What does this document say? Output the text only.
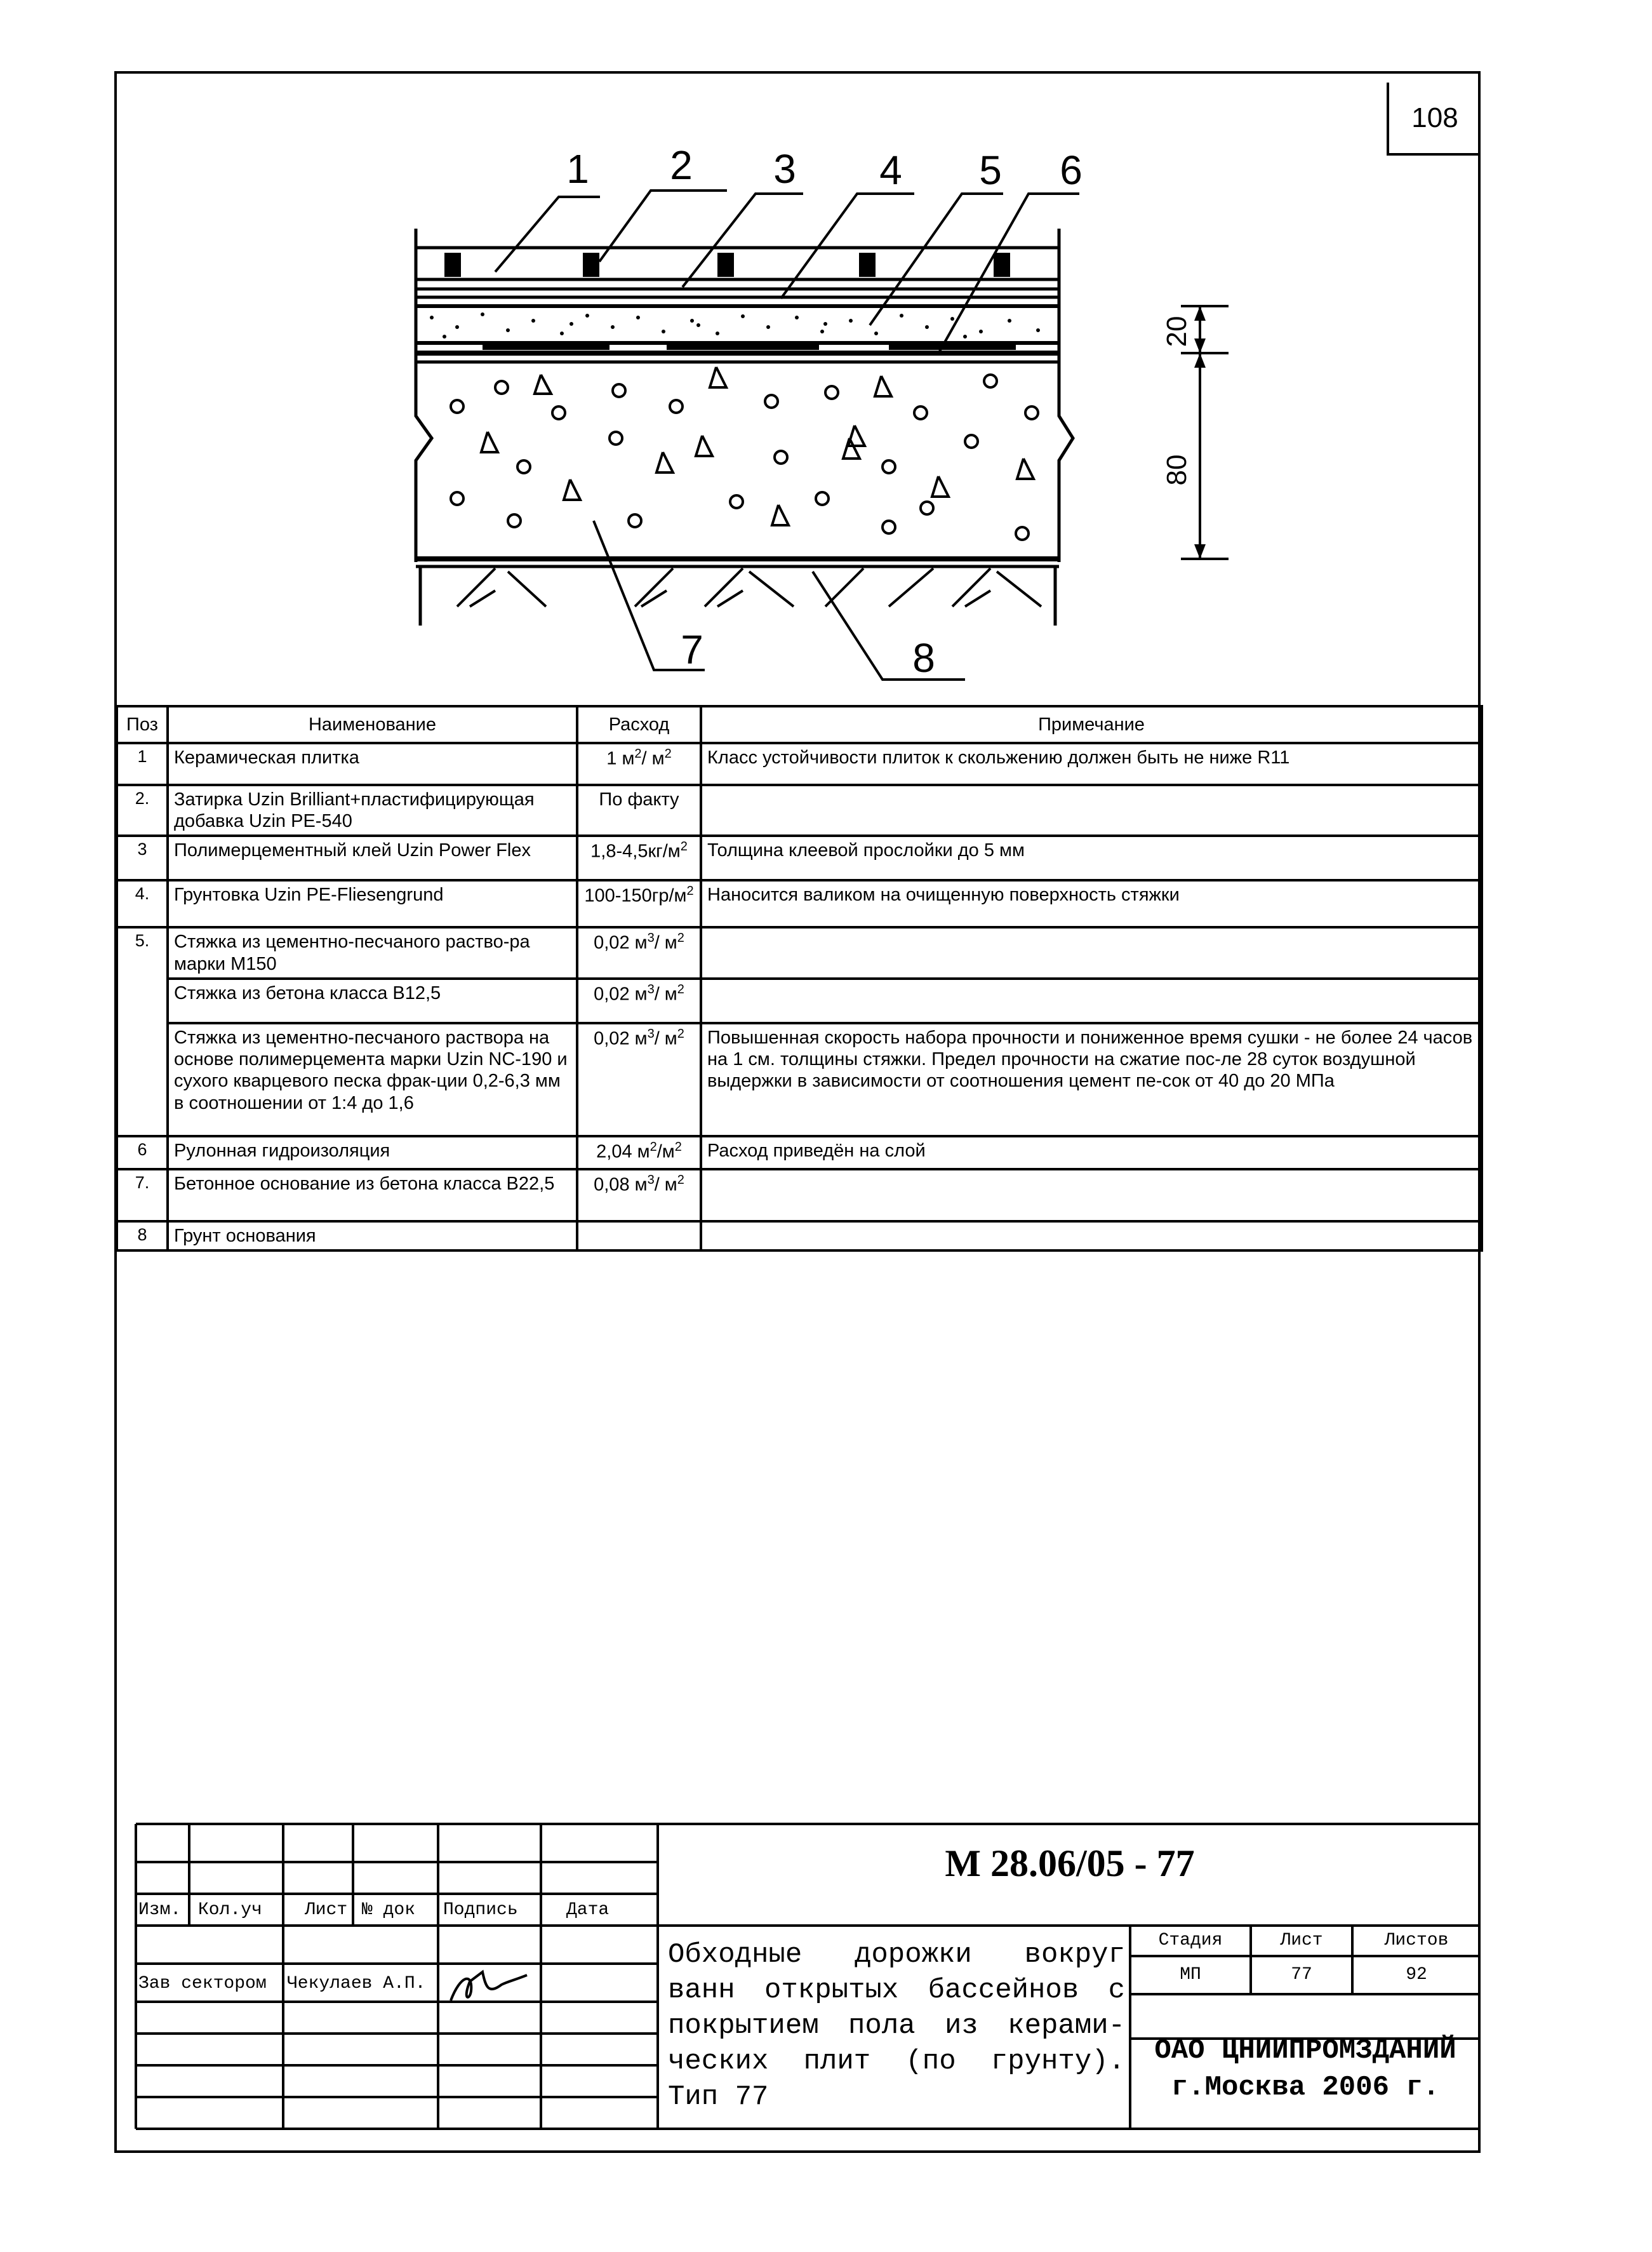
108
1 2 3 4 5 6
7	8
20
80
Поз	Наименование	Расход	Примечание
1	Керамическая плитка	1 $м^2/$ $м^2$	Класс устойчивости плиток к скольжению должен быть не ниже R11
2.	Затирка Uzin Brilliant+пластифицирующая добавка Uzin PE-540	По факту	
3	Полимерцементный клей Uzin Power Flex	$1,8-4,5кг/м^2$	Толщина клеевой прослойки до 5 мм
4.	Грунтовка Uzin PE-Fliesengrund	$100-150гр/м^2$	Наносится валиком на очищенную поверхность стяжки
5.	Стяжка из цементно-песчаного раство-ра марки М150	0,02 $м^3/$ $м^2$	
	Стяжка из бетона класса В12,5	0,02 $м^3/$ $м^2$	
	Стяжка из цементно-песчаного раствора на основе полимерцемента марки Uzin NC-190 и сухого кварцевого песка фрак-ции 0,2-6,3 мм в соотношении от 1:4 до 1,6	0,02 $м^3/$ $м^2$	Повышенная скорость набора прочности и пониженное время сушки - не более 24 часов на 1 см. толщины стяжки. Предел прочности на сжатие пос-ле 28 суток воздушной выдержки в зависимости от соотношения цемент пе-сок от 40 до 20 МПа
6	Рулонная гидроизоляция	2,04 $м^2/м^2$	Расход приведён на слой
7.	Бетонное основание из бетона класса В22,5	0,08 $м^3/$ $м^2$	
8	Грунт основания		
Изм. Кол.уч Лист № док Подпись	Дата
Зав сектором Чекулаев А.П.
М 28.06/05 - 77
Обходные дорожки вокруг ванн открытых бассейнов с покрытием пола из керами-ческих плит (по грунту). Тип 77
Стадия	Лист	Листов
МП	77	92
ОАО ЦНИИПРОМЗДАНИЙ
г.Москва 2006 г.
